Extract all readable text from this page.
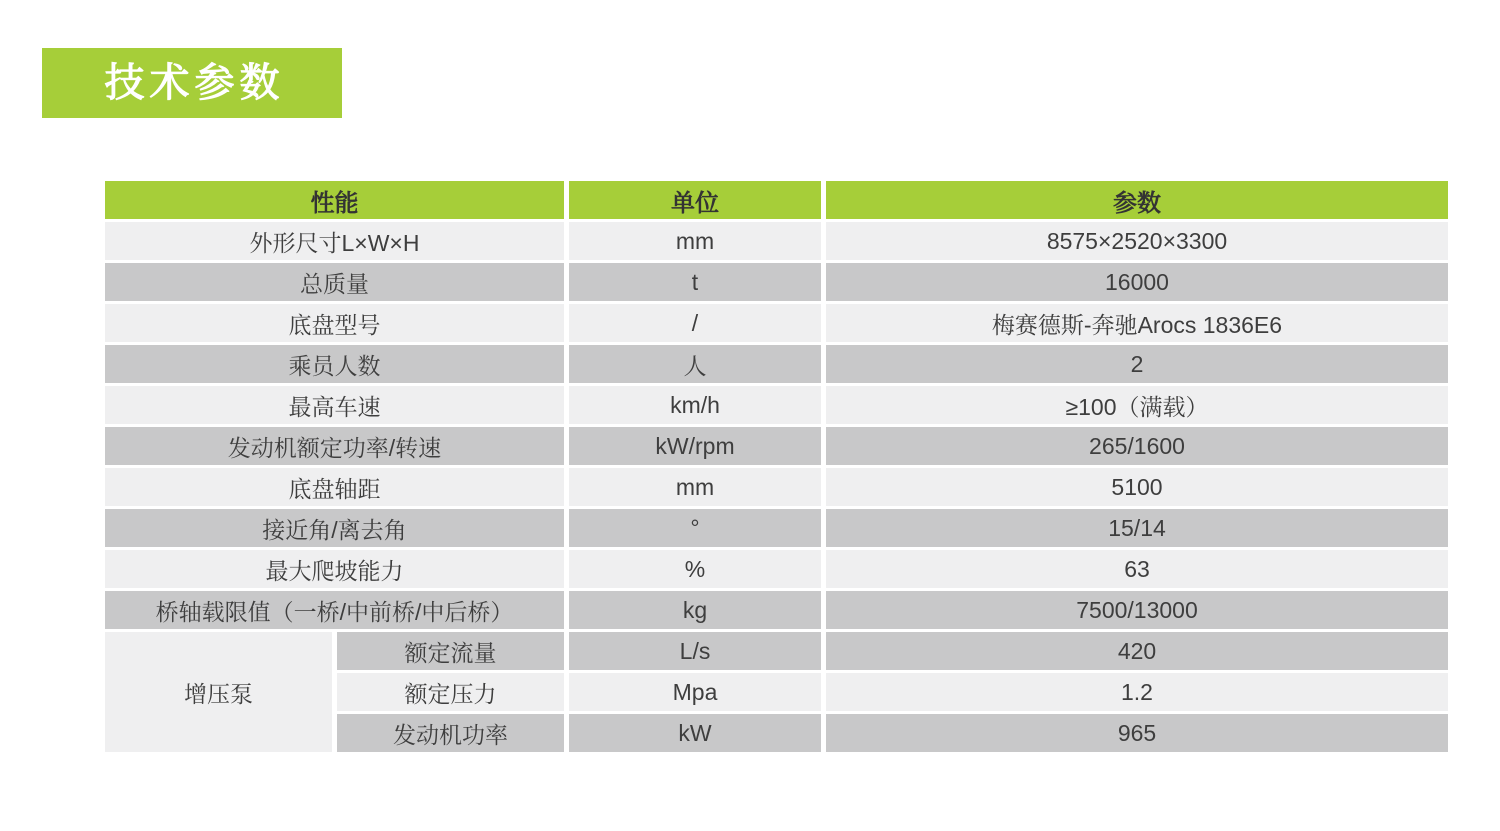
技术参数
性能		单位	参数
外形尺寸L×W×H		mm	8575×2520×3300
总质量		t	16000
底盘型号		/	梅赛德斯-奔驰Arocs 1836E6
乘员人数		人	2
最高车速		km/h	≥100（满载）
发动机额定功率/转速		kW/rpm	265/1600
底盘轴距		mm	5100
接近角/离去角		°	15/14
最大爬坡能力		%	63
桥轴载限值（一桥/中前桥/中后桥）		kg	7500/13000
增压泵	额定流量	L/s	420
	额定压力	Mpa	1.2
	发动机功率	kW	965
